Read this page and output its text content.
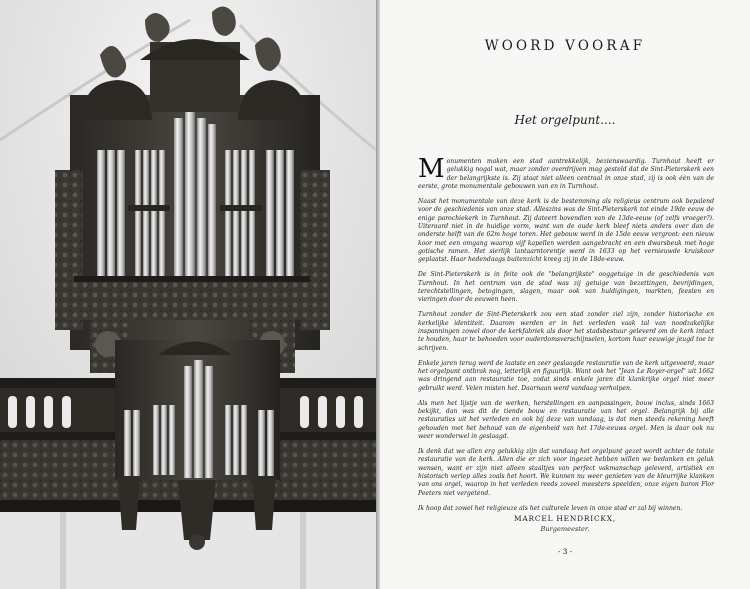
WOORD VOORAF
Het orgelpunt....

Monumenten maken een stad aantrekkelijk, bezienswaardig. Turnhout heeft er gelukkig nogal wat, maar zonder overdrijven mag gesteld dat de Sint-Pieterskerk een der belangrijkste is. Zij staat niet alleen centraal in onze stad, zij is ook één van de eerste, grote monumentale gebouwen van en in Turnhout.

Naast het monumentale van deze kerk is de bestemming als religieus centrum ook bepalend voor de geschiedenis van onze stad. Alleszins was de Sint-Pieterskerk tot einde 19de eeuw de enige parochiekerk in Turnhout. Zij dateert bovendien van de 13de-eeuw (of zelfs vroeger?). Uiteraard niet in de huidige vorm, want van de oude kerk bleef niets anders over dan de onderste helft van de 62m hoge toren. Het gebouw werd in de 15de eeuw vergroot: een nieuw koor met een omgang waarop vijf kapellen werden aangebracht en een dwarsbeuk met hoge gotische ramen. Het sierlijk lantaarntorentje werd in 1633 op het vernieuwde kruiskoor geplaatst. Haar hedendaags buitenzicht kreeg zij in de 18de-eeuw.

De Sint-Pieterskerk is in feite ook de "belangrijkste" ooggetuige in de geschiedenis van Turnhout. In het centrum van de stad was zij getuige van bezettingen, bevrijdingen, terechtstellingen, betogingen, slagen, maar ook van huldigingen, markten, feesten en vieringen door de eeuwen heen.

Turnhout zonder de Sint-Pieterskerk zou een stad zonder ziel zijn, zonder historische en kerkelijke identiteit. Daarom werden er in het verleden vaak tal van noodzakelijke inspanningen zowel door de kerkfabriek als door het stadsbestuur geleverd om de kerk intact te houden, haar te behoeden voor ouderdomsverschijnselen, kortom haar eeuwige jeugd toe te schrijven.

Enkele jaren terug werd de laatste en zeer geslaagde restauratie van de kerk uitgevoerd, maar het orgelpunt ontbrak nog, letterlijk en figuurlijk. Want ook het "Jean Le Royer-orgel" uit 1662 was dringend aan restauratie toe, zodat sinds enkele jaren dit klankrijke orgel niet meer gebruikt werd. Velen misten het. Daarnaan werd vandaag verholpen.

Als men het lijstje van de werken, herstellingen en aanpassingen, bouw inclus, sinds 1663 bekijkt, dan was dit de tiende bouw en restauratie van het orgel. Belangrijk bij alle restauraties uit het verleden en ook bij deze van vandaag, is dat men steeds rekening heeft gehouden met het behoud van de eigenheid van het 17de-eeuws orgel. Men is daar ook nu weer wonderwel in geslaagd.

Ik denk dat we allen erg gelukkig zijn dat vandaag het orgelpunt gezet wordt achter de totale restauratie van de kerk. Allen die er zich voor ingezet hebben willen we bedanken en geluk wensen, want er zijn niet alleen staaltjes van perfect vakmanschap geleverd, artistiek en historisch verlep alles zoals het hoort. We kunnen nu weer genieten van de kleurrijke klanken van ons orgel, waarop in het verleden reeds zoveel meesters speelden, onze eigen baron Flor Peeters niet vergetend.

Ik hoop dat zowel het religieuze als het culturele leven in onze stad er zal bij winnen.

MARCEL HENDRICKX,
Burgemeester.
- 3 -
